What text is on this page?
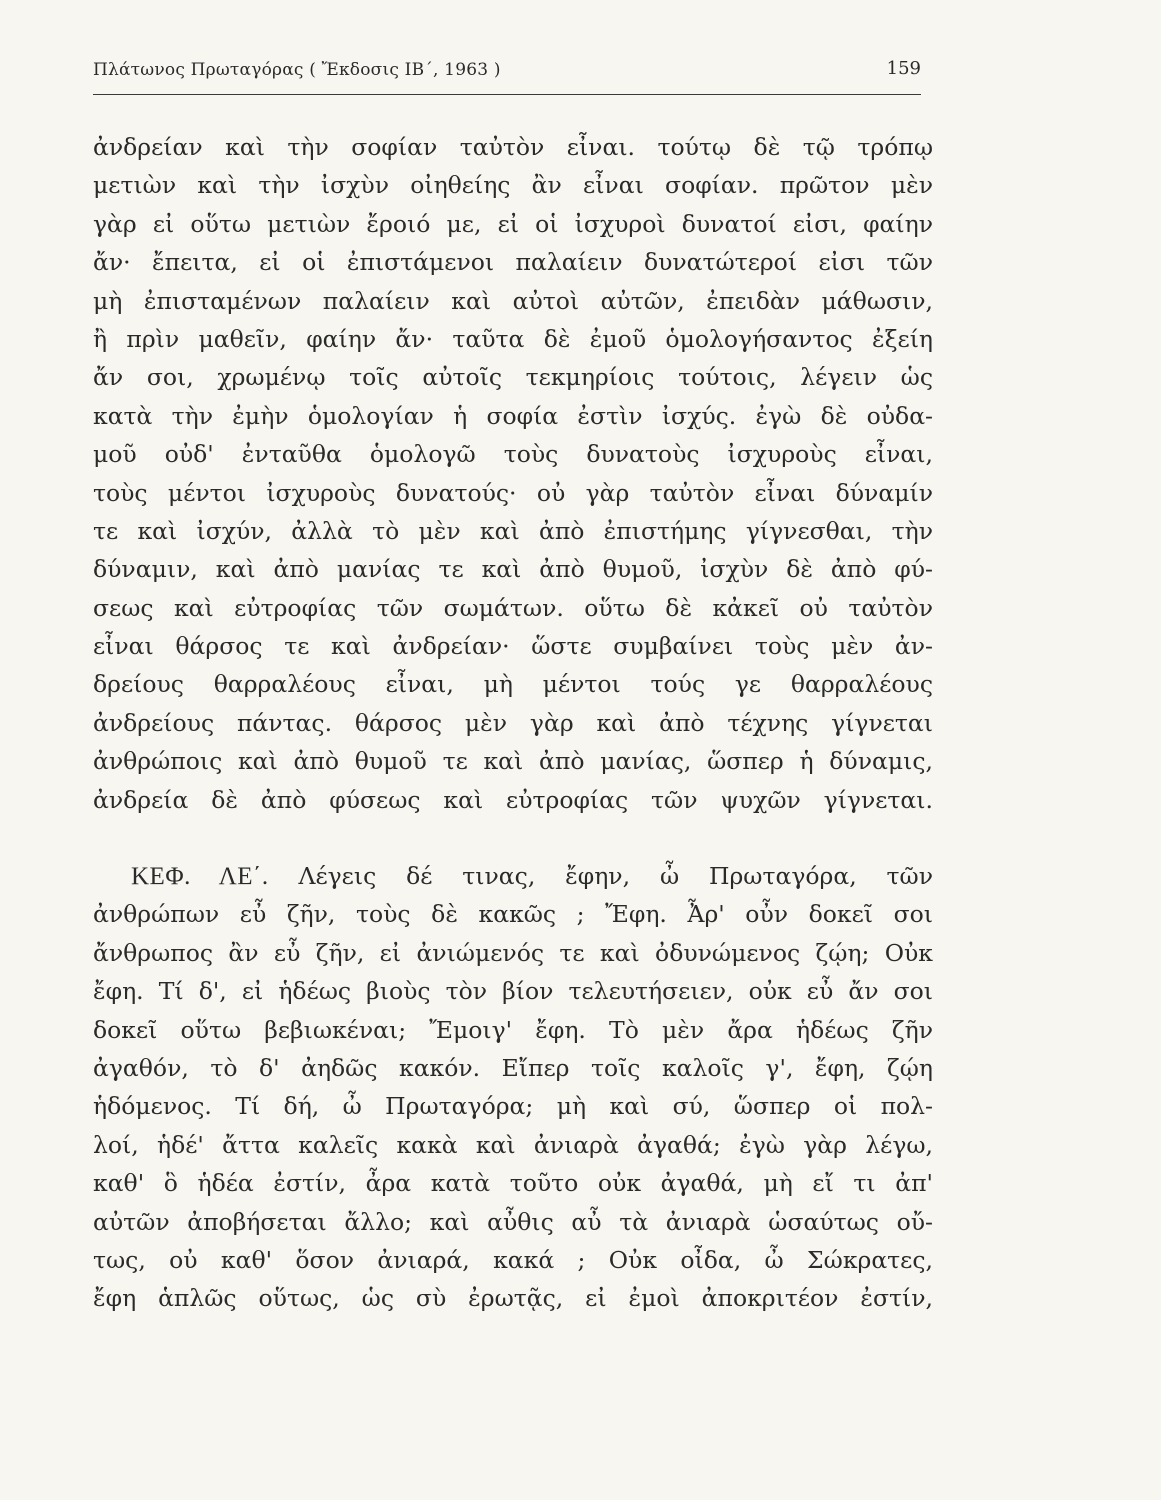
Πλάτωνος Πρωταγόρας ( Ἔκδοσις ΙΒ΄, 1963 )	159
ἀνδρείαν καὶ τὴν σοφίαν ταὐτὸν εἶναι. τούτῳ δὲ τῷ τρόπῳ
μετιὼν καὶ τὴν ἰσχὺν οἰηθείης ἂν εἶναι σοφίαν. πρῶτον μὲν
γὰρ εἰ οὕτω μετιὼν ἔροιό με, εἰ οἱ ἰσχυροὶ δυνατοί εἰσι, φαίην
ἄν· ἔπειτα, εἰ οἱ ἐπιστάμενοι παλαίειν δυνατώτεροί εἰσι τῶν
μὴ ἐπισταμένων παλαίειν καὶ αὐτοὶ αὐτῶν, ἐπειδὰν μάθωσιν,
ἢ πρὶν μαθεῖν, φαίην ἄν· ταῦτα δὲ ἐμοῦ ὁμολογήσαντος ἐξείη
ἄν σοι, χρωμένῳ τοῖς αὐτοῖς τεκμηρίοις τούτοις, λέγειν ὡς
κατὰ τὴν ἐμὴν ὁμολογίαν ἡ σοφία ἐστὶν ἰσχύς. ἐγὼ δὲ οὐδα-
μοῦ οὐδ' ἐνταῦθα ὁμολογῶ τοὺς δυνατοὺς ἰσχυροὺς εἶναι,
τοὺς μέντοι ἰσχυροὺς δυνατούς· οὐ γὰρ ταὐτὸν εἶναι δύναμίν
τε καὶ ἰσχύν, ἀλλὰ τὸ μὲν καὶ ἀπὸ ἐπιστήμης γίγνεσθαι, τὴν
δύναμιν, καὶ ἀπὸ μανίας τε καὶ ἀπὸ θυμοῦ, ἰσχὺν δὲ ἀπὸ φύ-
σεως καὶ εὐτροφίας τῶν σωμάτων. οὕτω δὲ κἀκεῖ οὐ ταὐτὸν
εἶναι θάρσος τε καὶ ἀνδρείαν· ὥστε συμβαίνει τοὺς μὲν ἀν-
δρείους θαρραλέους εἶναι, μὴ μέντοι τούς γε θαρραλέους
ἀνδρείους πάντας. θάρσος μὲν γὰρ καὶ ἀπὸ τέχνης γίγνεται
ἀνθρώποις καὶ ἀπὸ θυμοῦ τε καὶ ἀπὸ μανίας, ὥσπερ ἡ δύναμις,
ἀνδρεία δὲ ἀπὸ φύσεως καὶ εὐτροφίας τῶν ψυχῶν γίγνεται.
ΚΕΦ. ΛΕ΄. Λέγεις δέ τινας, ἔφην, ὦ Πρωταγόρα, τῶν
ἀνθρώπων εὖ ζῆν, τοὺς δὲ κακῶς ; Ἔφη. Ἆρ' οὖν δοκεῖ σοι
ἄνθρωπος ἂν εὖ ζῆν, εἰ ἀνιώμενός τε καὶ ὀδυνώμενος ζῴη; Οὐκ
ἔφη. Τί δ', εἰ ἡδέως βιοὺς τὸν βίον τελευτήσειεν, οὐκ εὖ ἄν σοι
δοκεῖ οὕτω βεβιωκέναι; Ἔμοιγ' ἔφη. Τὸ μὲν ἄρα ἡδέως ζῆν
ἀγαθόν, τὸ δ' ἀηδῶς κακόν. Εἴπερ τοῖς καλοῖς γ', ἔφη, ζῴη
ἡδόμενος. Τί δή, ὦ Πρωταγόρα; μὴ καὶ σύ, ὥσπερ οἱ πολ-
λοί, ἡδέ' ἄττα καλεῖς κακὰ καὶ ἀνιαρὰ ἀγαθά; ἐγὼ γὰρ λέγω,
καθ' ὃ ἡδέα ἐστίν, ἆρα κατὰ τοῦτο οὐκ ἀγαθά, μὴ εἴ τι ἀπ'
αὐτῶν ἀποβήσεται ἄλλο; καὶ αὖθις αὖ τὰ ἀνιαρὰ ὡσαύτως οὔ-
τως, οὐ καθ' ὅσον ἀνιαρά, κακά ; Οὐκ οἶδα, ὦ Σώκρατες,
ἔφη ἁπλῶς οὕτως, ὡς σὺ ἐρωτᾷς, εἰ ἐμοὶ ἀποκριτέον ἐστίν,
